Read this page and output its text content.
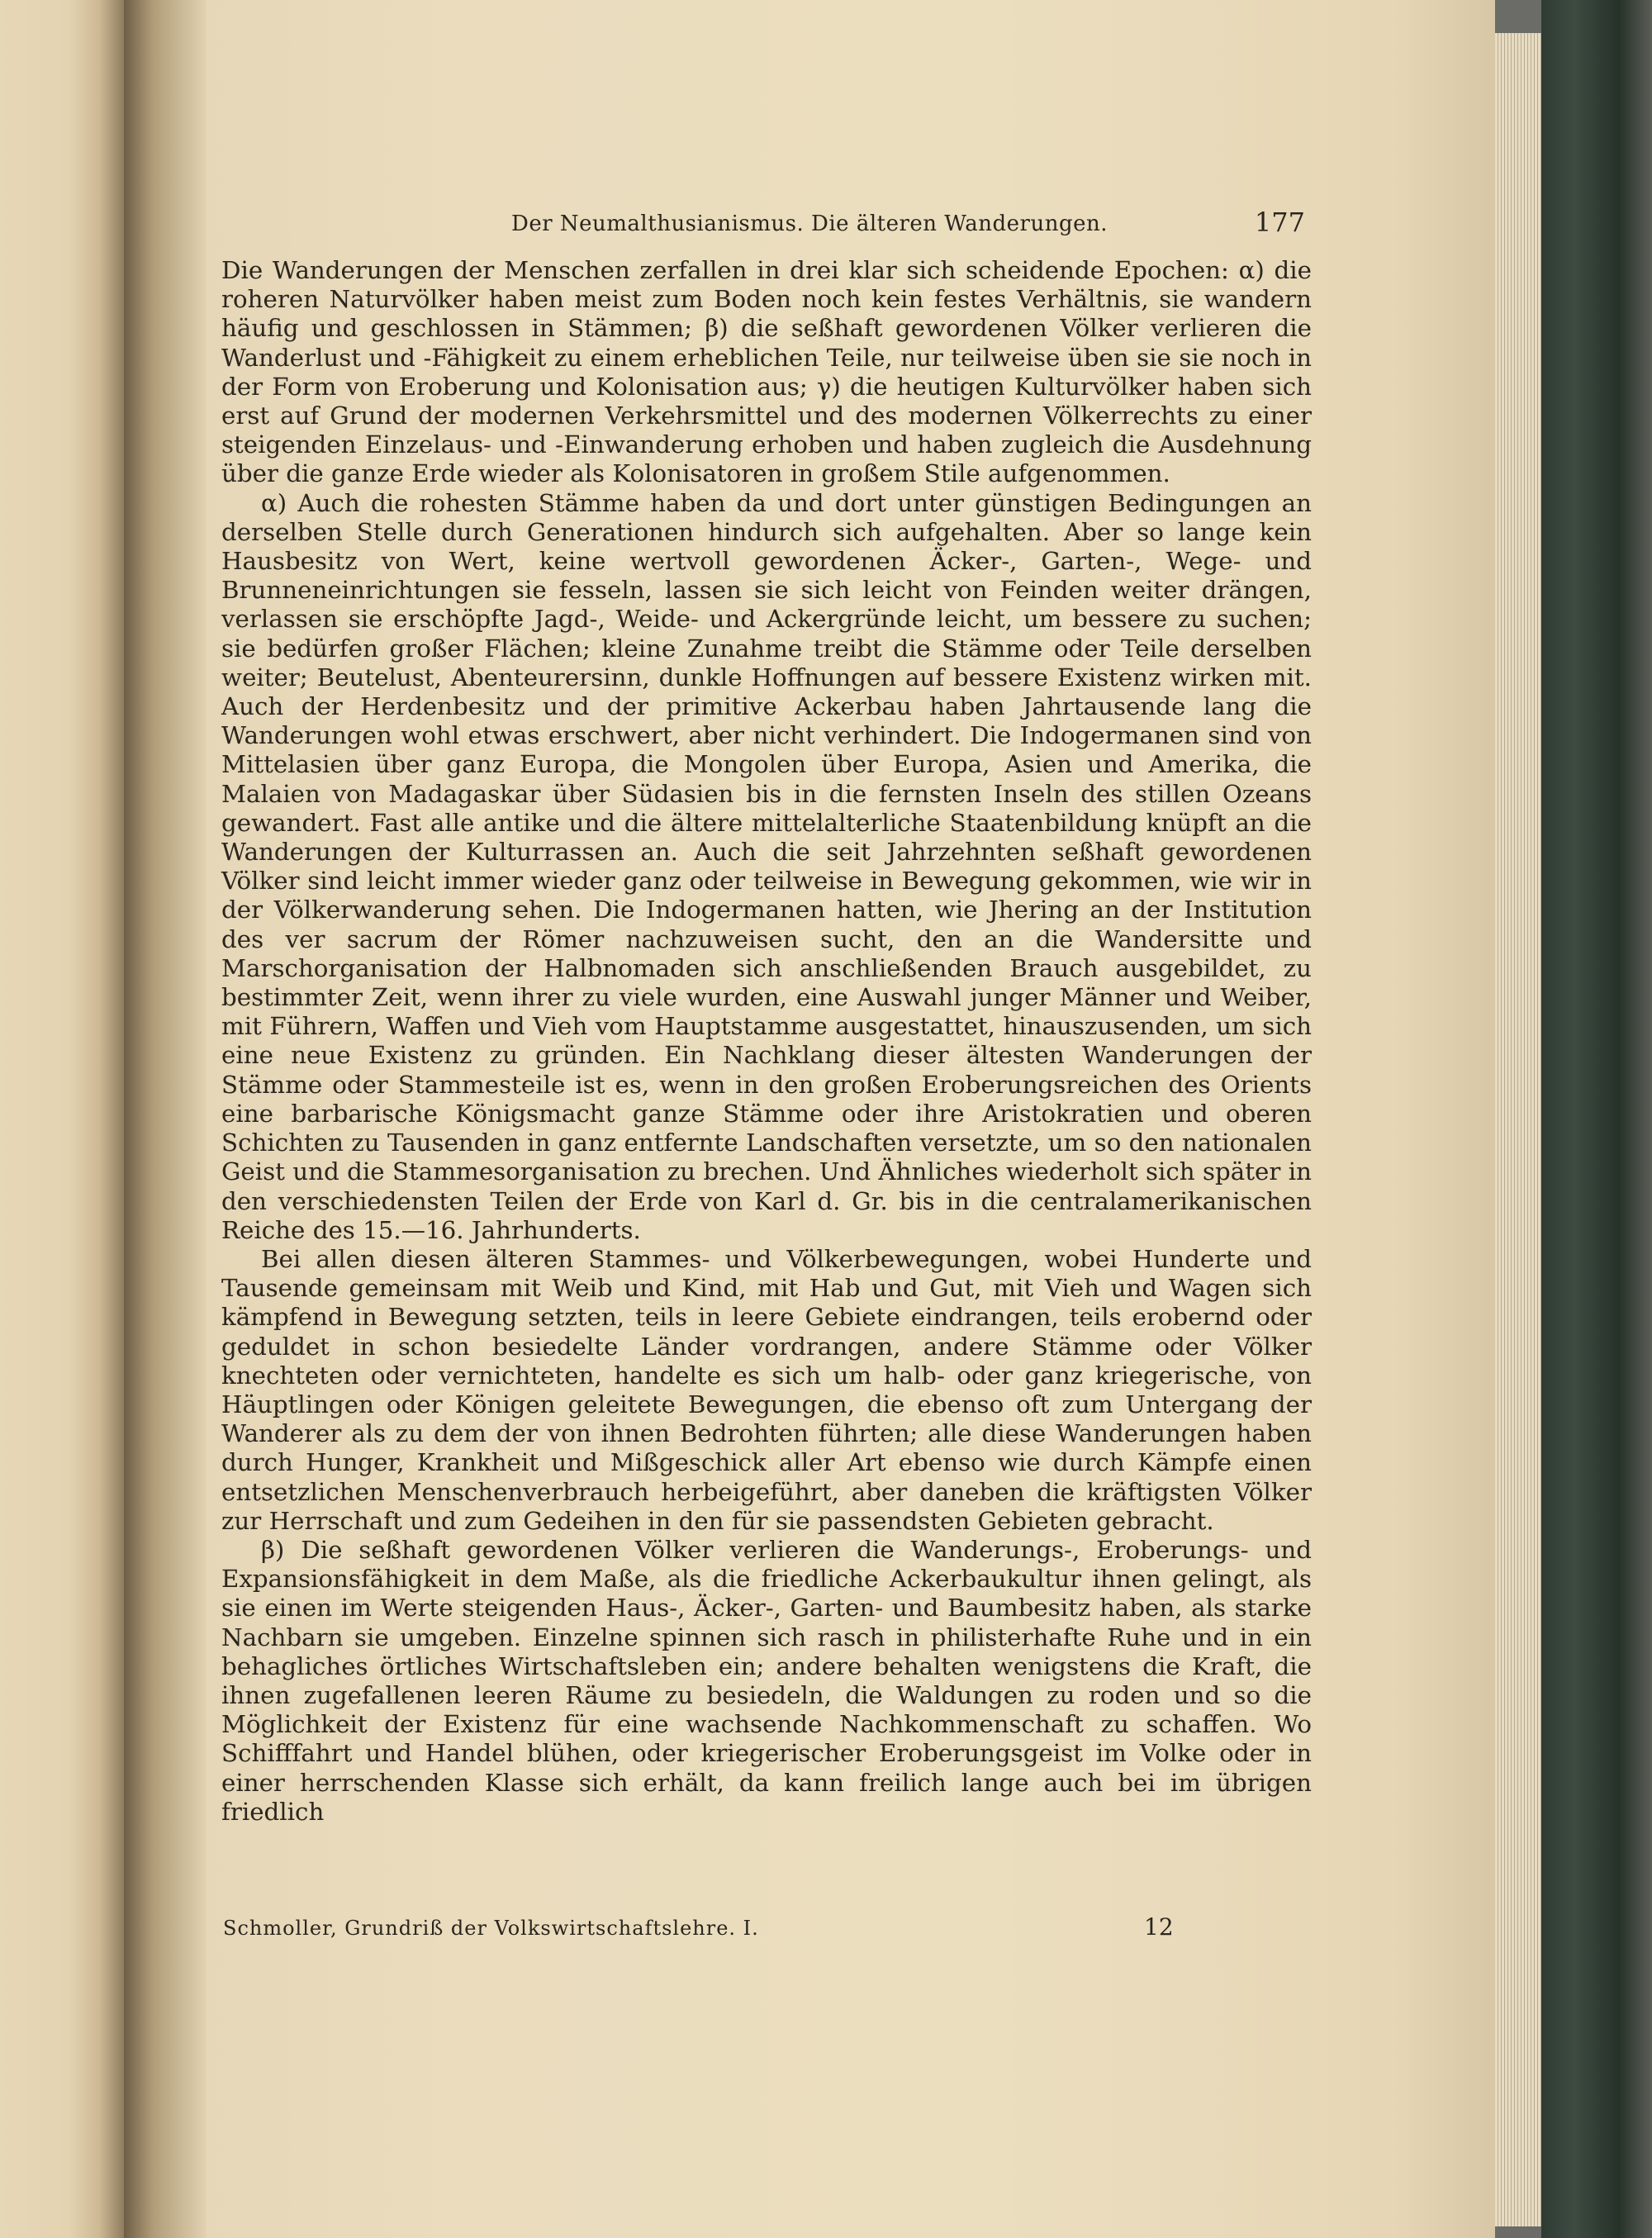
Der Neumalthusianismus. Die älteren Wanderungen.	177

Die Wanderungen der Menschen zerfallen in drei klar sich scheidende Epochen: α) die roheren Naturvölker haben meist zum Boden noch kein festes Verhältnis, sie wandern häufig und geschlossen in Stämmen; β) die seßhaft gewordenen Völker verlieren die Wanderlust und -Fähigkeit zu einem erheblichen Teile, nur teilweise üben sie sie noch in der Form von Eroberung und Kolonisation aus; γ) die heutigen Kulturvölker haben sich erst auf Grund der modernen Verkehrsmittel und des modernen Völkerrechts zu einer steigenden Einzelaus- und -Einwanderung erhoben und haben zugleich die Ausdehnung über die ganze Erde wieder als Kolonisatoren in großem Stile aufgenommen.

α) Auch die rohesten Stämme haben da und dort unter günstigen Bedingungen an derselben Stelle durch Generationen hindurch sich aufgehalten. Aber so lange kein Hausbesitz von Wert, keine wertvoll gewordenen Äcker-, Garten-, Wege- und Brunneneinrichtungen sie fesseln, lassen sie sich leicht von Feinden weiter drängen, verlassen sie erschöpfte Jagd-, Weide- und Ackergründe leicht, um bessere zu suchen; sie bedürfen großer Flächen; kleine Zunahme treibt die Stämme oder Teile derselben weiter; Beutelust, Abenteurersinn, dunkle Hoffnungen auf bessere Existenz wirken mit. Auch der Herdenbesitz und der primitive Ackerbau haben Jahrtausende lang die Wanderungen wohl etwas erschwert, aber nicht verhindert. Die Indogermanen sind von Mittelasien über ganz Europa, die Mongolen über Europa, Asien und Amerika, die Malaien von Madagaskar über Südasien bis in die fernsten Inseln des stillen Ozeans gewandert. Fast alle antike und die ältere mittelalterliche Staatenbildung knüpft an die Wanderungen der Kulturrassen an. Auch die seit Jahrzehnten seßhaft gewordenen Völker sind leicht immer wieder ganz oder teilweise in Bewegung gekommen, wie wir in der Völkerwanderung sehen. Die Indogermanen hatten, wie Jhering an der Institution des ver sacrum der Römer nachzuweisen sucht, den an die Wandersitte und Marschorganisation der Halbnomaden sich anschließenden Brauch ausgebildet, zu bestimmter Zeit, wenn ihrer zu viele wurden, eine Auswahl junger Männer und Weiber, mit Führern, Waffen und Vieh vom Hauptstamme ausgestattet, hinauszusenden, um sich eine neue Existenz zu gründen. Ein Nachklang dieser ältesten Wanderungen der Stämme oder Stammesteile ist es, wenn in den großen Eroberungsreichen des Orients eine barbarische Königsmacht ganze Stämme oder ihre Aristokratien und oberen Schichten zu Tausenden in ganz entfernte Landschaften versetzte, um so den nationalen Geist und die Stammesorganisation zu brechen. Und Ähnliches wiederholt sich später in den verschiedensten Teilen der Erde von Karl d. Gr. bis in die centralamerikanischen Reiche des 15.—16. Jahrhunderts.

Bei allen diesen älteren Stammes- und Völkerbewegungen, wobei Hunderte und Tausende gemeinsam mit Weib und Kind, mit Hab und Gut, mit Vieh und Wagen sich kämpfend in Bewegung setzten, teils in leere Gebiete eindrangen, teils erobernd oder geduldet in schon besiedelte Länder vordrangen, andere Stämme oder Völker knechteten oder vernichteten, handelte es sich um halb- oder ganz kriegerische, von Häuptlingen oder Königen geleitete Bewegungen, die ebenso oft zum Untergang der Wanderer als zu dem der von ihnen Bedrohten führten; alle diese Wanderungen haben durch Hunger, Krankheit und Mißgeschick aller Art ebenso wie durch Kämpfe einen entsetzlichen Menschenverbrauch herbeigeführt, aber daneben die kräftigsten Völker zur Herrschaft und zum Gedeihen in den für sie passendsten Gebieten gebracht.

β) Die seßhaft gewordenen Völker verlieren die Wanderungs-, Eroberungs- und Expansionsfähigkeit in dem Maße, als die friedliche Ackerbaukultur ihnen gelingt, als sie einen im Werte steigenden Haus-, Äcker-, Garten- und Baumbesitz haben, als starke Nachbarn sie umgeben. Einzelne spinnen sich rasch in philisterhafte Ruhe und in ein behagliches örtliches Wirtschaftsleben ein; andere behalten wenigstens die Kraft, die ihnen zugefallenen leeren Räume zu besiedeln, die Waldungen zu roden und so die Möglichkeit der Existenz für eine wachsende Nachkommenschaft zu schaffen. Wo Schifffahrt und Handel blühen, oder kriegerischer Eroberungsgeist im Volke oder in einer herrschenden Klasse sich erhält, da kann freilich lange auch bei im übrigen friedlich

Schmoller, Grundriß der Volkswirtschaftslehre. I.	12
